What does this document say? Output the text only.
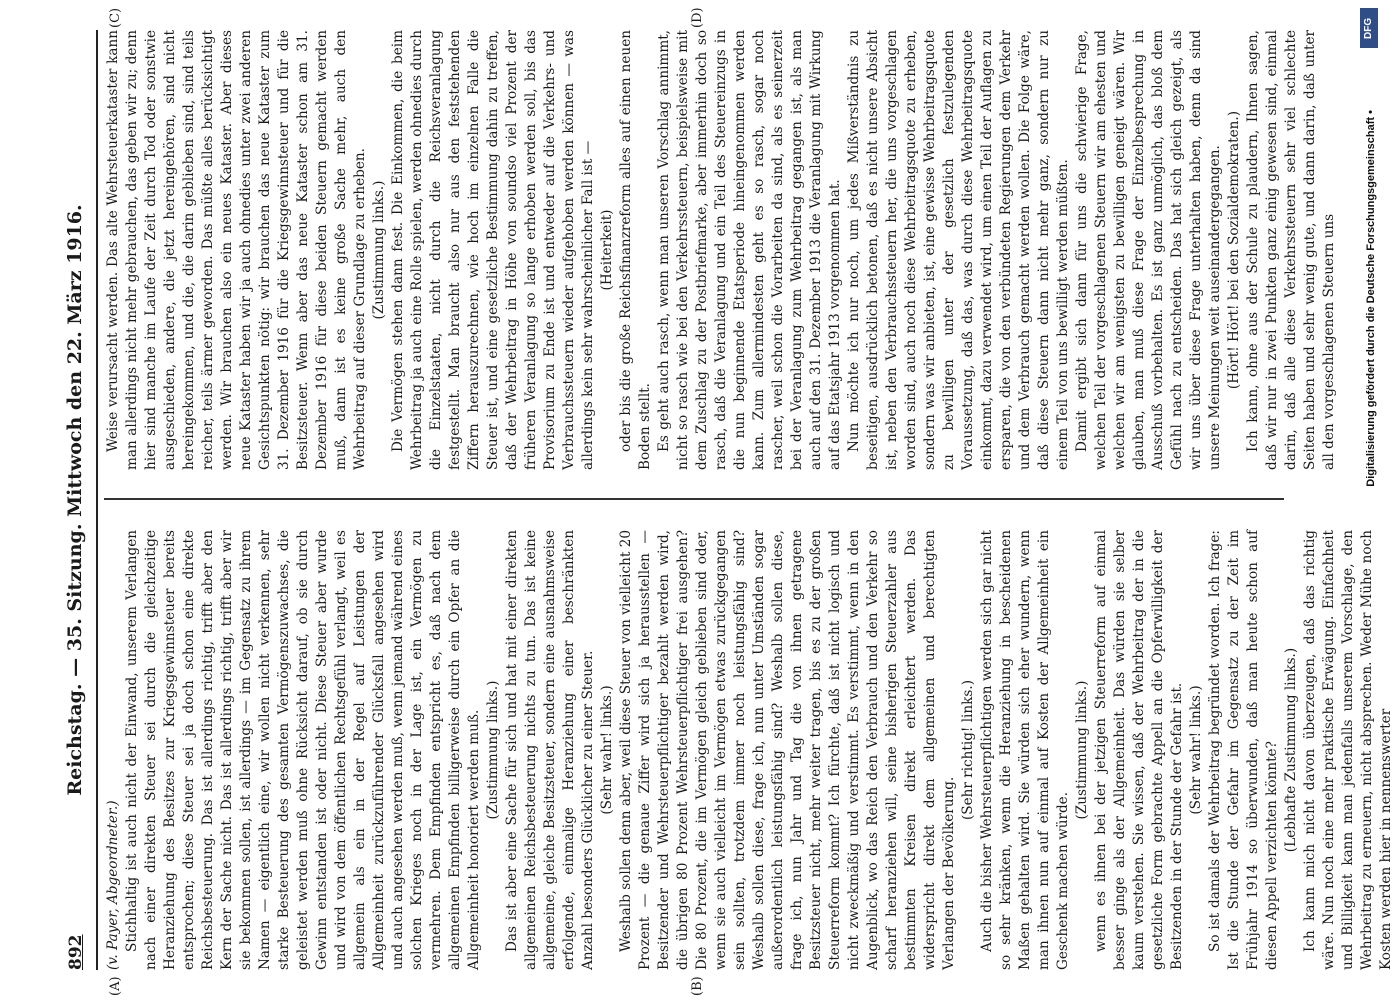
892
Reichstag. — 35. Sitzung. Mittwoch den 22. März 1916.
(A)	(B)
(C)	(D)

(v. Payer, Abgeordneter.) Stichhaltig ist auch nicht der Einwand, unserem Verlangen nach einer direkten Steuer sei durch die gleichzeitige Heranziehung des Besitzes zur Kriegsgewinnsteuer bereits entsprochen; diese Steuer sei ja doch schon eine direkte Reichsbesteuerung. Das ist allerdings richtig, trifft aber den Kern der Sache nicht. Das ist allerdings richtig, trifft aber wir sie bekommen sollen, ist allerdings — im Gegensatz zu ihrem Namen — eigentlich eine, wir wollen nicht verkennen, sehr starke Besteuerung des gesamten Vermögenszuwachses, die geleistet werden muß ohne Rücksicht darauf, ob sie durch Gewinn entstanden ist oder nicht. Diese Steuer aber wurde und wird von dem öffentlichen Rechtsgefühl verlangt, weil es allgemein als ein in der Regel auf Leistungen der Allgemeinheit zurückzuführender Glücksfall angesehen wird und auch angesehen werden muß, wenn jemand während eines solchen Krieges noch in der Lage ist, ein Vermögen zu vermehren. Dem Empfinden entspricht es, daß nach dem allgemeinen Empfinden billigerweise durch ein Opfer an die Allgemeinheit honoriert werden muß. (Zustimmung links.) Das ist aber eine Sache für sich und hat mit einer direkten allgemeinen Reichsbesteuerung nichts zu tun. Das ist keine allgemeine, gleiche Besitzsteuer, sondern eine ausnahmsweise erfolgende, einmalige Heranziehung einer beschränkten Anzahl besonders Glücklicher zu einer Steuer. (Sehr wahr! links.) Weshalb sollen denn aber, weil diese Steuer von vielleicht 20 Prozent — die genaue Ziffer wird sich ja herausstellen — Besitzender und Wehrsteuerpflichtiger bezahlt werden wird, die übrigen 80 Prozent Wehrsteuerpflichtiger frei ausgehen? Die 80 Prozent, die im Vermögen gleich geblieben sind oder, wenn sie auch vielleicht im Vermögen etwas zurückgegangen sein sollten, trotzdem immer noch leistungsfähig sind? Weshalb sollen diese, frage ich, nun unter Umständen sogar außerordentlich leistungsfähig sind? Weshalb sollen diese, frage ich, nun Jahr und Tag die von ihnen getragene Besitzsteuer nicht, mehr weiter tragen, bis es zu der großen Steuerreform kommt? Ich fürchte, daß ist nicht logisch und nicht zweckmäßig und verstimmt. Es verstimmt, wenn in den Augenblick, wo das Reich den Verbrauch und den Verkehr so scharf heranziehen will, seine bisherigen Steuerzahler aus bestimmten Kreisen direkt erleichtert werden. Das widerspricht direkt dem allgemeinen und berechtigten Verlangen der Bevölkerung.

(Sehr richtig! links.) Auch die bisher Wehrsteuerpflichtigen werden sich gar nicht so sehr kränken, wenn die Heranziehung in bescheidenen Maßen gehalten wird. Sie würden sich eher wundern, wenn man ihnen nun auf einmal auf Kosten der Allgemeinheit ein Geschenk machen würde.

(Zustimmung links.) wenn es ihnen bei der jetzigen Steuerreform auf einmal besser ginge als der Allgemeinheit. Das würden sie selber kaum verstehen. Sie wissen, daß der Wehrbeitrag der in die gesetzliche Form gebrachte Appell an die Opferwilligkeit der Besitzenden in der Stunde der Gefahr ist. (Sehr wahr! links.) So ist damals der Wehrbeitrag begründet worden. Ich frage: Ist die Stunde der Gefahr im Gegensatz zu der Zeit im Frühjahr 1914 so überwunden, daß man heute schon auf diesen Appell verzichten könnte? (Lebhafte Zustimmung links.) Ich kann mich nicht davon überzeugen, daß das richtig wäre. Nun noch eine mehr praktische Erwägung. Einfachheit und Billigkeit kann man jedenfalls unserem Vorschlage, den Wehrbeitrag zu erneuern, nicht absprechen. Weder Mühe noch Kosten werden hier in nennenswerter

Weise verursacht werden. Das alte Wehrsteuerkataster kann man allerdings nicht mehr gebrauchen, das geben wir zu; denn hier sind manche im Laufe der Zeit durch Tod oder sonstwie ausgeschieden, andere, die jetzt hereingehören, sind nicht hereingekommen, und die, die darin geblieben sind, sind teils reicher, teils ärmer geworden. Das müßte alles berücksichtigt werden. Wir brauchen also ein neues Kataster. Aber dieses neue Kataster haben wir ja auch ohnedies unter zwei anderen Gesichtspunkten nötig: wir brauchen das neue Kataster zum 31. Dezember 1916 für die Kriegsgewinnsteuer und für die Besitzsteuer. Wenn aber das neue Kataster schon am 31. Dezember 1916 für diese beiden Steuern gemacht werden muß, dann ist es keine große Sache mehr, auch den Wehrbeitrag auf dieser Grundlage zu erheben. (Zustimmung links.) Die Vermögen stehen dann fest. Die Einkommen, die beim Wehrbeitrag ja auch eine Rolle spielen, werden ohnedies durch die Einzelstaaten, nicht durch die Reichsveranlagung festgestellt. Man braucht also nur aus den feststehenden Ziffern herauszurechnen, wie hoch im einzelnen Falle die Steuer ist, und eine gesetzliche Bestimmung dahin zu treffen, daß der Wehrbeitrag in Höhe von soundso viel Prozent der früheren Veranlagung so lange erhoben werden soll, bis das Provisorium zu Ende ist und entweder auf die Verkehrs- und Verbrauchssteuern wieder aufgehoben werden können — was allerdings kein sehr wahrscheinlicher Fall ist — (Heiterkeit) oder bis die große Reichsfinanzreform alles auf einen neuen Boden stellt. Es geht auch rasch, wenn man unseren Vorschlag annimmt, nicht so rasch wie bei den Verkehrssteuern, beispielsweise mit dem Zuschlag zu der Postbriefmarke, aber immerhin doch so rasch, daß die Veranlagung und ein Teil des Steuereinzugs in die nun beginnende Etatsperiode hineingenommen werden kann. Zum allermindesten geht es so rasch, sogar noch rascher, weil schon die Vorarbeiten da sind, als es seinerzeit bei der Veranlagung zum Wehrbeitrag gegangen ist, als man auch auf den 31. Dezember 1913 die Veranlagung mit Wirkung auf das Etatsjahr 1913 vorgenommen hat. Nun möchte ich nur noch, um jedes Mißverständnis zu beseitigen, ausdrücklich betonen, daß es nicht unsere Absicht ist, neben den Verbrauchssteuern her, die uns vorgeschlagen worden sind, auch noch diese Wehrbeitragsquote zu erheben, sondern was wir anbieten, ist, eine gewisse Wehrbeitragsquote zu bewilligen unter der gesetzlich festzulegenden Voraussetzung, daß das, was durch diese Wehrbeitragsquote einkommt, dazu verwendet wird, um einen Teil der Auflagen zu ersparen, die von den verbündeten Regierungen dem Verkehr und dem Verbrauch gemacht werden wollen. Die Folge wäre, daß diese Steuern dann nicht mehr ganz, sondern nur zu einem Teil von uns bewilligt werden müßten. Damit ergibt sich dann für uns die schwierige Frage, welchen Teil der vorgeschlagenen Steuern wir am ehesten und welchen wir am wenigsten zu bewilligen geneigt wären. Wir glauben, man muß diese Frage der Einzelbesprechung in Ausschuß vorbehalten. Es ist ganz unmöglich, das bloß dem Gefühl nach zu entscheiden. Das hat sich gleich gezeigt, als wir uns über diese Frage unterhalten haben, denn da sind unsere Meinungen weit auseinandergegangen. (Hört! Hört! bei den Sozialdemokraten.) Ich kann, ohne aus der Schule zu plaudern, Ihnen sagen, daß wir nur in zwei Punkten ganz einig gewesen sind, einmal darin, daß alle diese Verkehrssteuern sehr viel schlechte Seiten haben und sehr wenig gute, und dann darin, daß unter all den vorgeschlagenen Steuern uns

DFG
Digitalisierung gefördert durch die Deutsche Forschungsgemeinschaft •
